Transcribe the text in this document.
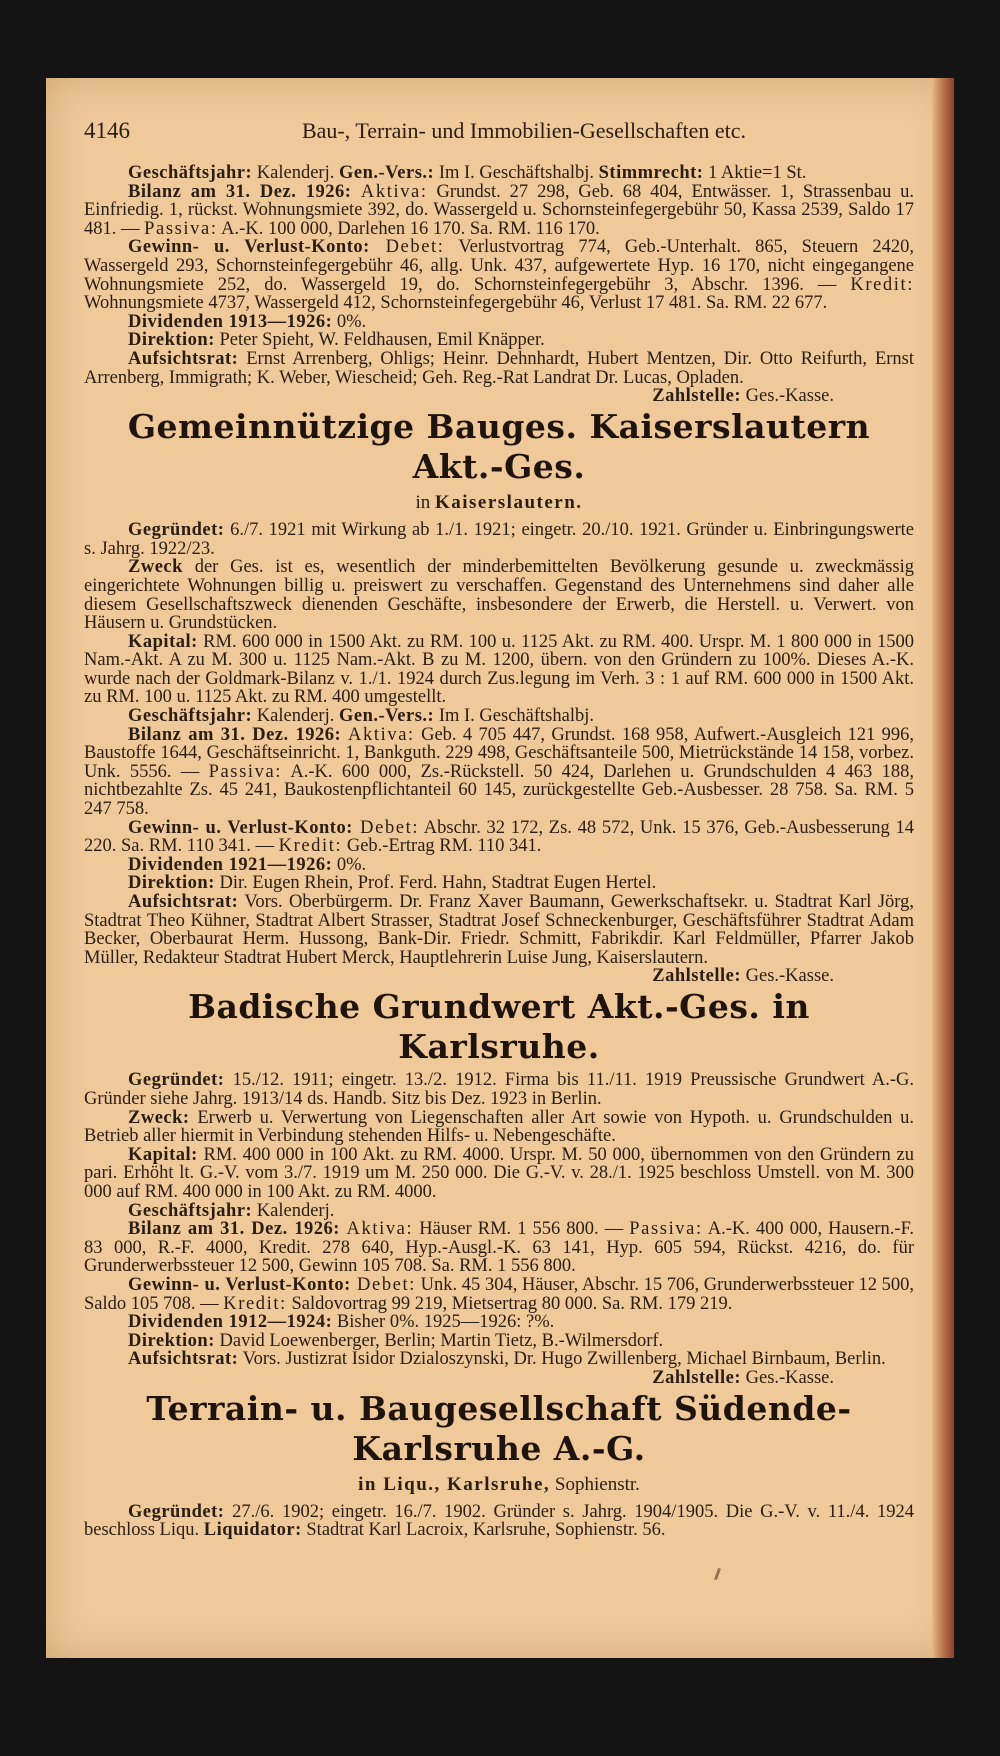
4146	Bau-, Terrain- und Immobilien-Gesellschaften etc.

Geschäftsjahr: Kalenderj. Gen.-Vers.: Im I. Geschäftshalbj. Stimmrecht: 1 Aktie=1 St.

Bilanz am 31. Dez. 1926: Aktiva: Grundst. 27 298, Geb. 68 404, Entwässer. 1, Strassenbau u. Einfriedig. 1, rückst. Wohnungsmiete 392, do. Wassergeld u. Schornsteinfegergebühr 50, Kassa 2539, Saldo 17 481. — Passiva: A.-K. 100 000, Darlehen 16 170. Sa. RM. 116 170.

Gewinn- u. Verlust-Konto: Debet: Verlustvortrag 774, Geb.-Unterhalt. 865, Steuern 2420, Wassergeld 293, Schornsteinfegergebühr 46, allg. Unk. 437, aufgewertete Hyp. 16 170, nicht eingegangene Wohnungsmiete 252, do. Wassergeld 19, do. Schornsteinfegergebühr 3, Abschr. 1396. — Kredit: Wohnungsmiete 4737, Wassergeld 412, Schornsteinfegergebühr 46, Verlust 17 481. Sa. RM. 22 677.

Dividenden 1913—1926: 0%.

Direktion: Peter Spieht, W. Feldhausen, Emil Knäpper.

Aufsichtsrat: Ernst Arrenberg, Ohligs; Heinr. Dehnhardt, Hubert Mentzen, Dir. Otto Reifurth, Ernst Arrenberg, Immigrath; K. Weber, Wiescheid; Geh. Reg.-Rat Landrat Dr. Lucas, Opladen.
Zahlstelle: Ges.-Kasse.

Gemeinnützige Bauges. Kaiserslautern Akt.-Ges.
in Kaiserslautern.

Gegründet: 6./7. 1921 mit Wirkung ab 1./1. 1921; eingetr. 20./10. 1921. Gründer u. Einbringungswerte s. Jahrg. 1922/23.

Zweck der Ges. ist es, wesentlich der minderbemittelten Bevölkerung gesunde u. zweckmässig eingerichtete Wohnungen billig u. preiswert zu verschaffen. Gegenstand des Unternehmens sind daher alle diesem Gesellschaftszweck dienenden Geschäfte, insbesondere der Erwerb, die Herstell. u. Verwert. von Häusern u. Grundstücken.

Kapital: RM. 600 000 in 1500 Akt. zu RM. 100 u. 1125 Akt. zu RM. 400. Urspr. M. 1 800 000 in 1500 Nam.-Akt. A zu M. 300 u. 1125 Nam.-Akt. B zu M. 1200, übern. von den Gründern zu 100%. Dieses A.-K. wurde nach der Goldmark-Bilanz v. 1./1. 1924 durch Zus.legung im Verh. 3 : 1 auf RM. 600 000 in 1500 Akt. zu RM. 100 u. 1125 Akt. zu RM. 400 umgestellt.

Geschäftsjahr: Kalenderj. Gen.-Vers.: Im I. Geschäftshalbj.

Bilanz am 31. Dez. 1926: Aktiva: Geb. 4 705 447, Grundst. 168 958, Aufwert.-Ausgleich 121 996, Baustoffe 1644, Geschäftseinricht. 1, Bankguth. 229 498, Geschäftsanteile 500, Mietrückstände 14 158, vorbez. Unk. 5556. — Passiva: A.-K. 600 000, Zs.-Rückstell. 50 424, Darlehen u. Grundschulden 4 463 188, nichtbezahlte Zs. 45 241, Baukostenpflichtanteil 60 145, zurückgestellte Geb.-Ausbesser. 28 758. Sa. RM. 5 247 758.

Gewinn- u. Verlust-Konto: Debet: Abschr. 32 172, Zs. 48 572, Unk. 15 376, Geb.-Ausbesserung 14 220. Sa. RM. 110 341. — Kredit: Geb.-Ertrag RM. 110 341.

Dividenden 1921—1926: 0%.

Direktion: Dir. Eugen Rhein, Prof. Ferd. Hahn, Stadtrat Eugen Hertel.

Aufsichtsrat: Vors. Oberbürgerm. Dr. Franz Xaver Baumann, Gewerkschaftsekr. u. Stadtrat Karl Jörg, Stadtrat Theo Kühner, Stadtrat Albert Strasser, Stadtrat Josef Schneckenburger, Geschäftsführer Stadtrat Adam Becker, Oberbaurat Herm. Hussong, Bank-Dir. Friedr. Schmitt, Fabrikdir. Karl Feldmüller, Pfarrer Jakob Müller, Redakteur Stadtrat Hubert Merck, Hauptlehrerin Luise Jung, Kaiserslautern.
Zahlstelle: Ges.-Kasse.

Badische Grundwert Akt.-Ges. in Karlsruhe.

Gegründet: 15./12. 1911; eingetr. 13./2. 1912. Firma bis 11./11. 1919 Preussische Grundwert A.-G. Gründer siehe Jahrg. 1913/14 ds. Handb. Sitz bis Dez. 1923 in Berlin.

Zweck: Erwerb u. Verwertung von Liegenschaften aller Art sowie von Hypoth. u. Grundschulden u. Betrieb aller hiermit in Verbindung stehenden Hilfs- u. Nebengeschäfte.

Kapital: RM. 400 000 in 100 Akt. zu RM. 4000. Urspr. M. 50 000, übernommen von den Gründern zu pari. Erhöht lt. G.-V. vom 3./7. 1919 um M. 250 000. Die G.-V. v. 28./1. 1925 beschloss Umstell. von M. 300 000 auf RM. 400 000 in 100 Akt. zu RM. 4000.

Geschäftsjahr: Kalenderj.

Bilanz am 31. Dez. 1926: Aktiva: Häuser RM. 1 556 800. — Passiva: A.-K. 400 000, Hausern.-F. 83 000, R.-F. 4000, Kredit. 278 640, Hyp.-Ausgl.-K. 63 141, Hyp. 605 594, Rückst. 4216, do. für Grunderwerbssteuer 12 500, Gewinn 105 708. Sa. RM. 1 556 800.

Gewinn- u. Verlust-Konto: Debet: Unk. 45 304, Häuser, Abschr. 15 706, Grunderwerbssteuer 12 500, Saldo 105 708. — Kredit: Saldovortrag 99 219, Mietsertrag 80 000. Sa. RM. 179 219.

Dividenden 1912—1924: Bisher 0%. 1925—1926: ?%.

Direktion: David Loewenberger, Berlin; Martin Tietz, B.-Wilmersdorf.

Aufsichtsrat: Vors. Justizrat Isidor Dzialoszynski, Dr. Hugo Zwillenberg, Michael Birnbaum, Berlin.
Zahlstelle: Ges.-Kasse.

Terrain- u. Baugesellschaft Südende-Karlsruhe A.-G.
in Liqu., Karlsruhe, Sophienstr.

Gegründet: 27./6. 1902; eingetr. 16./7. 1902. Gründer s. Jahrg. 1904/1905. Die G.-V. v. 11./4. 1924 beschloss Liqu. Liquidator: Stadtrat Karl Lacroix, Karlsruhe, Sophienstr. 56.
